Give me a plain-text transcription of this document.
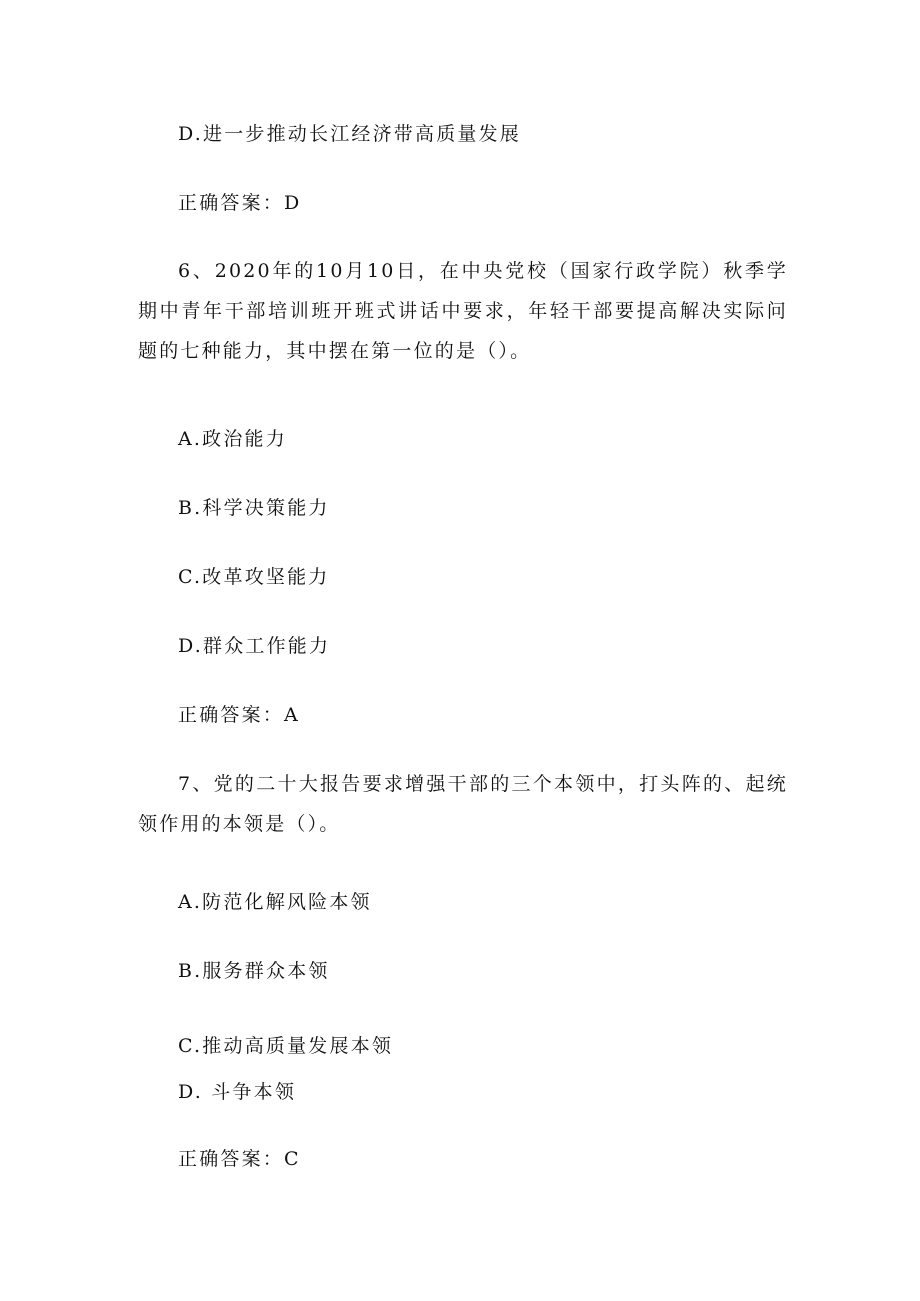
D.进一步推动长江经济带高质量发展
正确答案：D
6、2020年的10月10日，在中央党校（国家行政学院）秋季学期中青年干部培训班开班式讲话中要求，年轻干部要提高解决实际问题的七种能力，其中摆在第一位的是（）。
A.政治能力
B.科学决策能力
C.改革攻坚能力
D.群众工作能力
正确答案：A
7、党的二十大报告要求增强干部的三个本领中，打头阵的、起统领作用的本领是（）。
A.防范化解风险本领
B.服务群众本领
C.推动高质量发展本领
D. 斗争本领
正确答案：C
